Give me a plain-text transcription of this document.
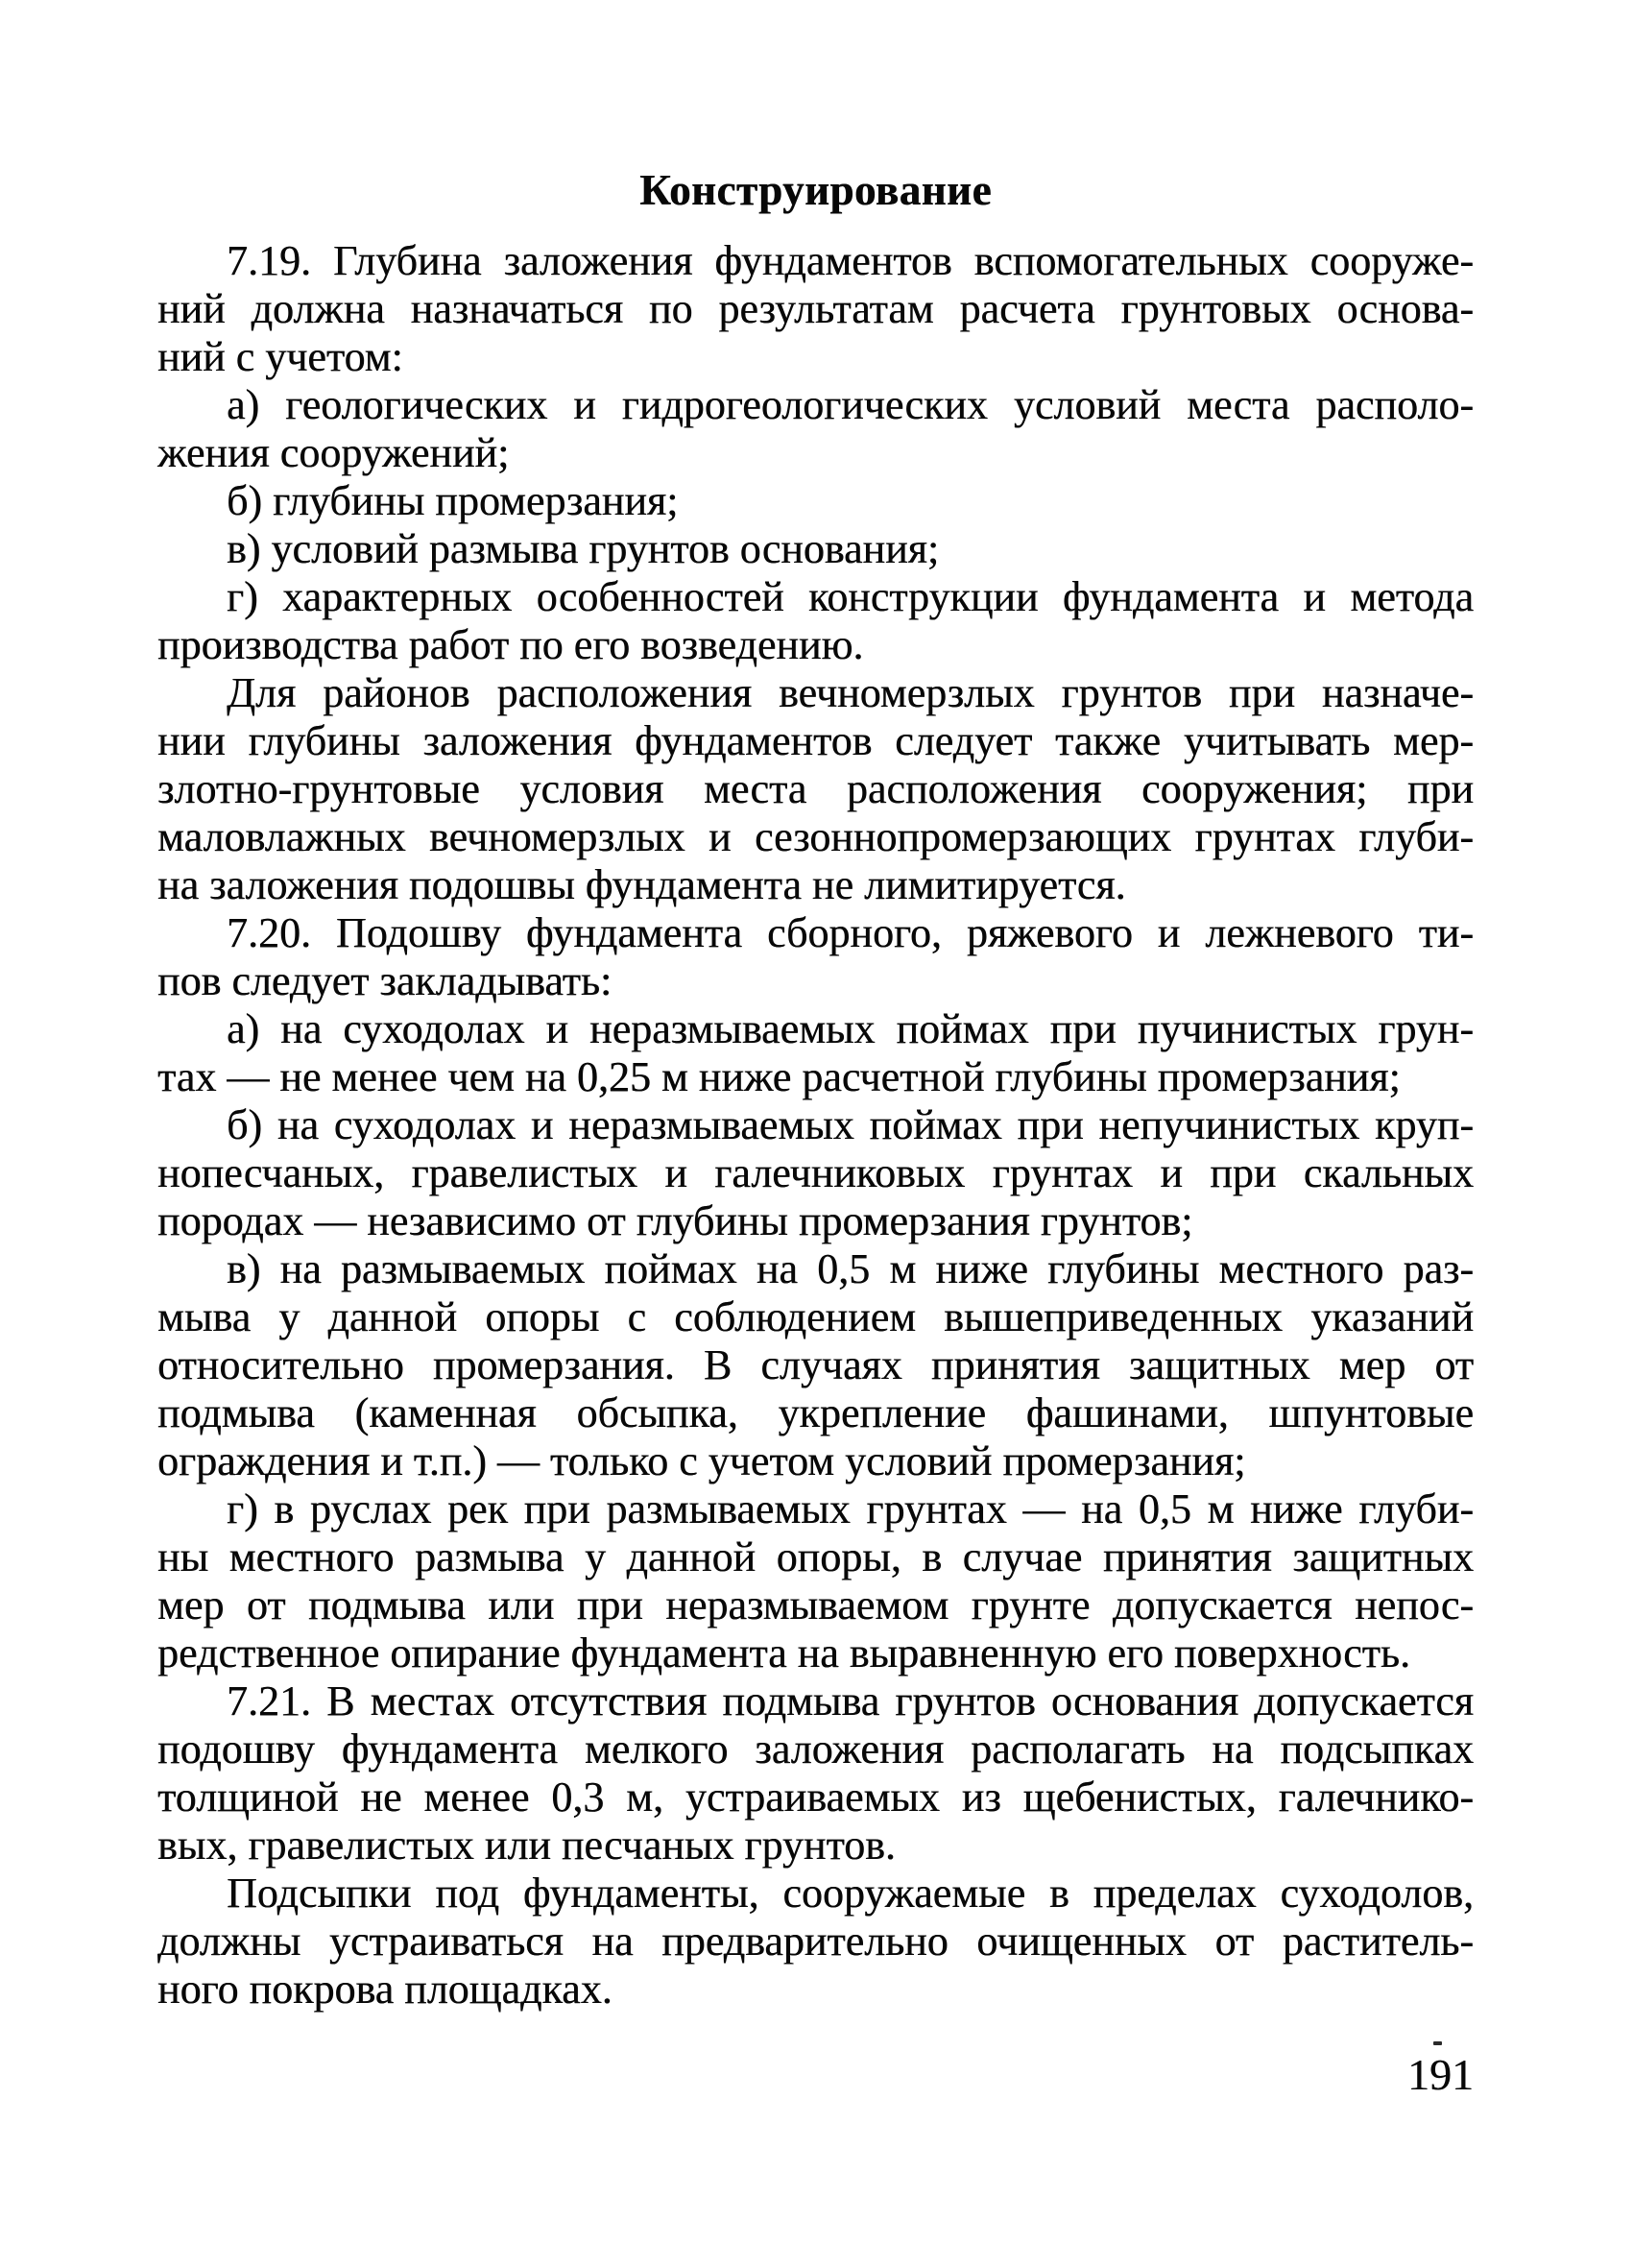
Конструирование
7.19. Глубина заложения фундаментов вспомогательных сооруже-
ний должна назначаться по результатам расчета грунтовых основа-
ний с учетом:
а) геологических и гидрогеологических условий места располо-
жения сооружений;
б) глубины промерзания;
в) условий размыва грунтов основания;
г) характерных особенностей конструкции фундамента и метода
производства работ по его возведению.
Для районов расположения вечномерзлых грунтов при назначе-
нии глубины заложения фундаментов следует также учитывать мер-
злотно-грунтовые условия места расположения сооружения; при
маловлажных вечномерзлых и сезоннопромерзающих грунтах глуби-
на заложения подошвы фундамента не лимитируется.
7.20. Подошву фундамента сборного, ряжевого и лежневого ти-
пов следует закладывать:
а) на суходолах и неразмываемых поймах при пучинистых грун-
тах — не менее чем на 0,25 м ниже расчетной глубины промерзания;
б) на суходолах и неразмываемых поймах при непучинистых круп-
нопесчаных, гравелистых и галечниковых грунтах и при скальных
породах — независимо от глубины промерзания грунтов;
в) на размываемых поймах на 0,5 м ниже глубины местного раз-
мыва у данной опоры с соблюдением вышеприведенных указаний
относительно промерзания. В случаях принятия защитных мер от
подмыва (каменная обсыпка, укрепление фашинами, шпунтовые
ограждения и т.п.) — только с учетом условий промерзания;
г) в руслах рек при размываемых грунтах — на 0,5 м ниже глуби-
ны местного размыва у данной опоры, в случае принятия защитных
мер от подмыва или при неразмываемом грунте допускается непос-
редственное опирание фундамента на выравненную его поверхность.
7.21. В местах отсутствия подмыва грунтов основания допускается
подошву фундамента мелкого заложения располагать на подсыпках
толщиной не менее 0,3 м, устраиваемых из щебенистых, галечнико-
вых, гравелистых или песчаных грунтов.
Подсыпки под фундаменты, сооружаемые в пределах суходолов,
должны устраиваться на предварительно очищенных от раститель-
ного покрова площадках.
191
